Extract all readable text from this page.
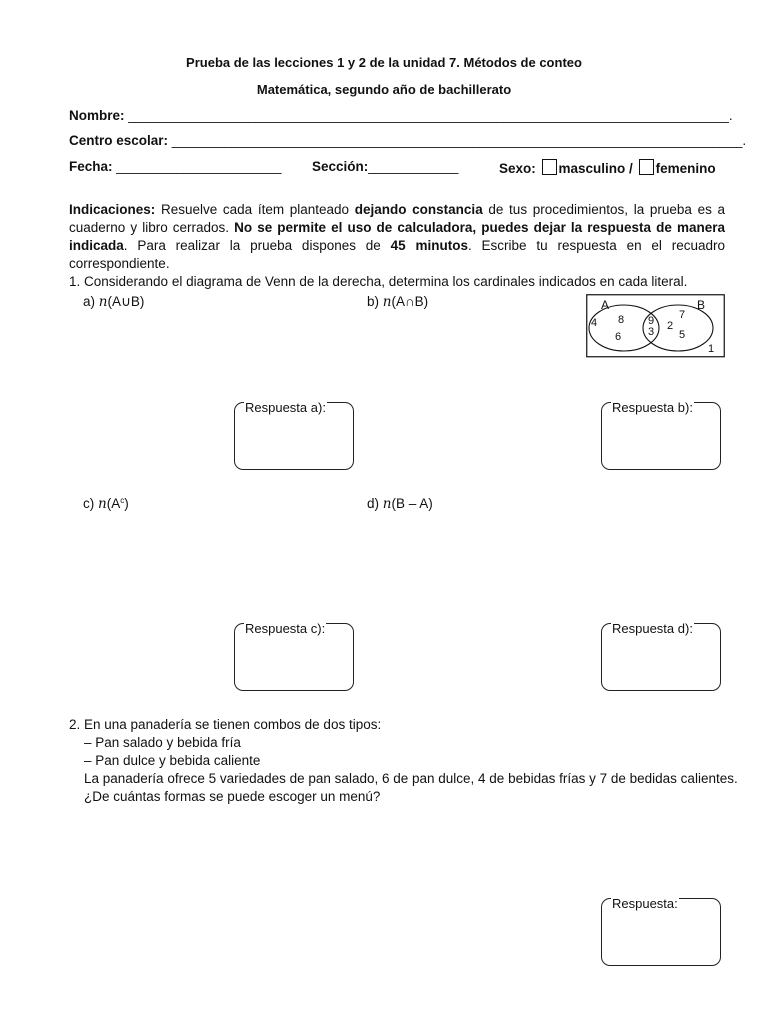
Prueba de las lecciones 1 y 2 de la unidad 7. Métodos de conteo
Matemática, segundo año de bachillerato
Nombre: ________________________________________________________________________________.
Centro escolar: ____________________________________________________________________________.
Fecha: ______________________ Sección:____________	Sexo: masculino / femenino
Indicaciones: Resuelve cada ítem planteado dejando constancia de tus procedimientos, la prueba es a cuaderno y libro cerrados. No se permite el uso de calculadora, puedes dejar la respuesta de manera indicada. Para realizar la prueba dispones de 45 minutos. Escribe tu respuesta en el recuadro correspondiente.
1. Considerando el diagrama de Venn de la derecha, determina los cardinales indicados en cada literal.
a) n(A∪B)	b) n(A∩B)	A	B
4 8
6
9
3
7
2
5
1
Respuesta a):	Respuesta b):
c) $n(A^c)$	d) n(B – A)
Respuesta c):	Respuesta d):
2. En una panadería se tienen combos de dos tipos:
– Pan salado y bebida fría
– Pan dulce y bebida caliente
La panadería ofrece 5 variedades de pan salado, 6 de pan dulce, 4 de bebidas frías y 7 de bedidas calientes.
¿De cuántas formas se puede escoger un menú?
Respuesta:
